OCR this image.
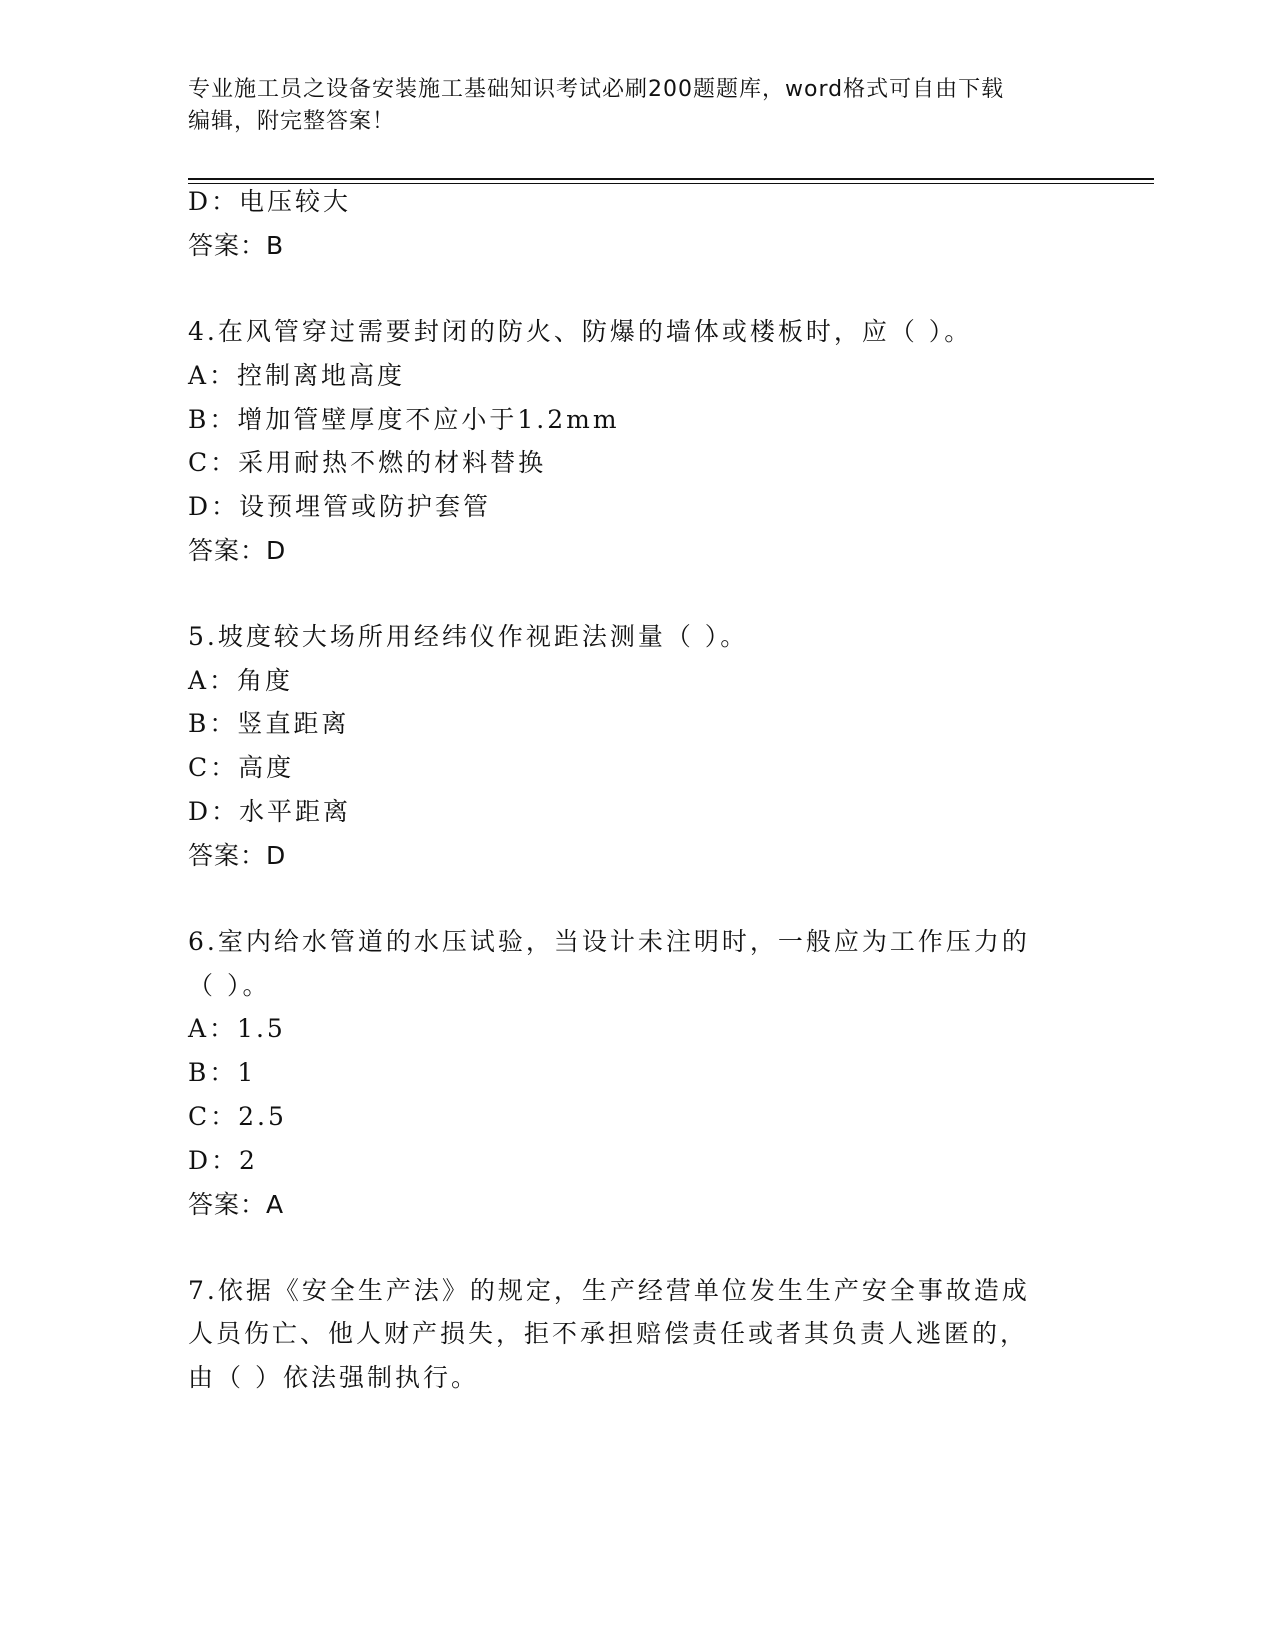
专业施工员之设备安装施工基础知识考试必刷200题题库，word格式可自由下载
编辑，附完整答案！
D：电压较大
答案：B
4.在风管穿过需要封闭的防火、防爆的墙体或楼板时，应（ ）。
A：控制离地高度
B：增加管壁厚度不应小于1.2mm
C：采用耐热不燃的材料替换
D：设预埋管或防护套管
答案：D
5.坡度较大场所用经纬仪作视距法测量（ ）。
A：角度
B：竖直距离
C：高度
D：水平距离
答案：D
6.室内给水管道的水压试验，当设计未注明时，一般应为工作压力的
（ ）。
A：1.5
B：1
C：2.5
D：2
答案：A
7.依据《安全生产法》的规定，生产经营单位发生生产安全事故造成
人员伤亡、他人财产损失，拒不承担赔偿责任或者其负责人逃匿的，
由（ ）依法强制执行。
